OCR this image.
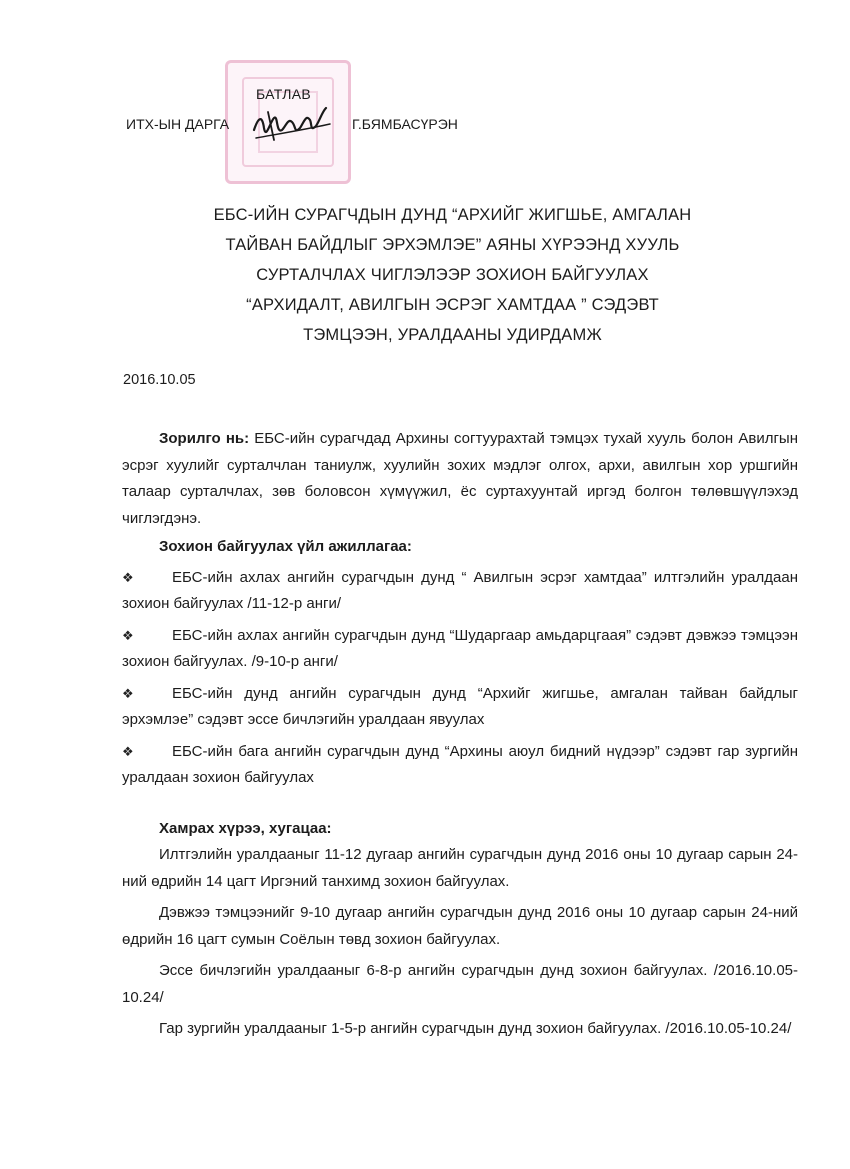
БАТЛАВ
ИТХ-ЫН ДАРГА	Г.БЯМБАСҮРЭН
ЕБС-ИЙН СУРАГЧДЫН ДУНД “АРХИЙГ ЖИГШЬЕ, АМГАЛАН
ТАЙВАН БАЙДЛЫГ ЭРХЭМЛЭЕ” АЯНЫ ХҮРЭЭНД ХУУЛЬ
СУРТАЛЧЛАХ ЧИГЛЭЛЭЭР ЗОХИОН БАЙГУУЛАХ
“АРХИДАЛТ, АВИЛГЫН ЭСРЭГ ХАМТДАА ” СЭДЭВТ
ТЭМЦЭЭН, УРАЛДААНЫ УДИРДАМЖ
2016.10.05
Зорилго нь: ЕБС-ийн сурагчдад Архины согтуурахтай тэмцэх тухай хууль болон Авилгын эсрэг хуулийг сурталчлан таниулж, хуулийн зохих мэдлэг олгох, архи, авилгын хор уршгийн талаар сурталчлах, зөв боловсон хүмүүжил, ёс суртахуунтай иргэд болгон төлөвшүүлэхэд чиглэгдэнэ.
Зохион байгуулах үйл ажиллагаа:
❖	ЕБС-ийн ахлах ангийн сурагчдын дунд “ Авилгын эсрэг хамтдаа” илтгэлийн уралдаан зохион байгуулах /11-12-р анги/
❖	ЕБС-ийн ахлах ангийн сурагчдын дунд “Шударгаар амьдарцгаая” сэдэвт дэвжээ тэмцээн зохион байгуулах. /9-10-р анги/
❖	ЕБС-ийн дунд ангийн сурагчдын дунд “Архийг жигшье, амгалан тайван байдлыг эрхэмлэе” сэдэвт эссе бичлэгийн уралдаан явуулах
❖	ЕБС-ийн бага ангийн сурагчдын дунд “Архины аюул бидний нүдээр” сэдэвт гар зургийн уралдаан зохион байгуулах
Хамрах хүрээ, хугацаа:
Илтгэлийн уралдааныг 11-12 дугаар ангийн сурагчдын дунд 2016 оны 10 дугаар сарын 24-ний өдрийн 14 цагт Иргэний танхимд зохион байгуулах.
Дэвжээ тэмцээнийг 9-10 дугаар ангийн сурагчдын дунд 2016 оны 10 дугаар сарын 24-ний өдрийн 16 цагт сумын Соёлын төвд зохион байгуулах.
Эссе бичлэгийн уралдааныг 6-8-р ангийн сурагчдын дунд зохион байгуулах. /2016.10.05-10.24/
Гар зургийн уралдааныг 1-5-р ангийн сурагчдын дунд зохион байгуулах. /2016.10.05-10.24/
